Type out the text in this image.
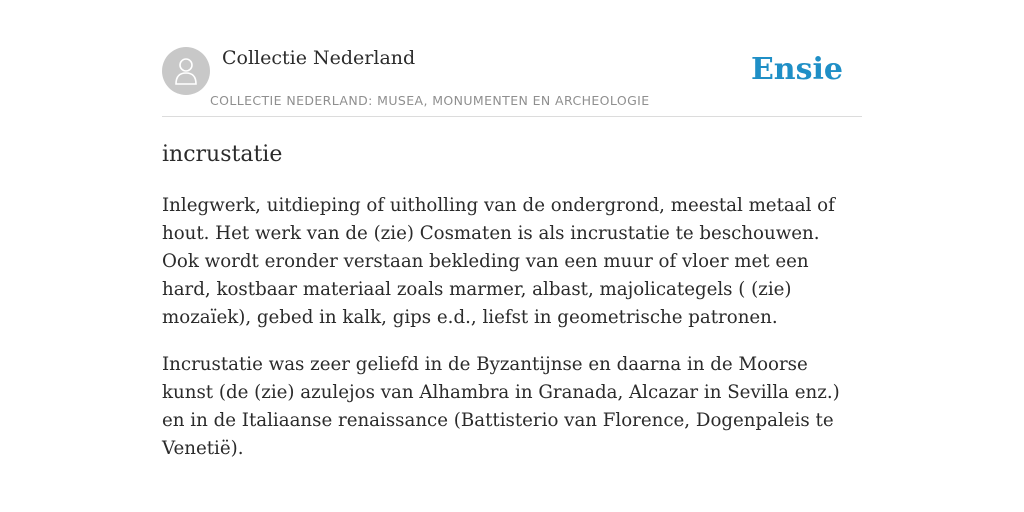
Collectie Nederland
COLLECTIE NEDERLAND: MUSEA, MONUMENTEN EN ARCHEOLOGIE
Ensie
incrustatie

Inlegwerk, uitdieping of uitholling van de ondergrond, meestal metaal of hout. Het werk van de (zie) Cosmaten is als incrustatie te beschouwen. Ook wordt eronder verstaan bekleding van een muur of vloer met een hard, kostbaar materiaal zoals marmer, albast, majolicategels ( (zie) mozaïek), gebed in kalk, gips e.d., liefst in geometrische patronen.

Incrustatie was zeer geliefd in de Byzantijnse en daarna in de Moorse kunst (de (zie) azulejos van Alhambra in Granada, Alcazar in Sevilla enz.) en in de Italiaanse renaissance (Battisterio van Florence, Dogenpaleis te Venetië).
